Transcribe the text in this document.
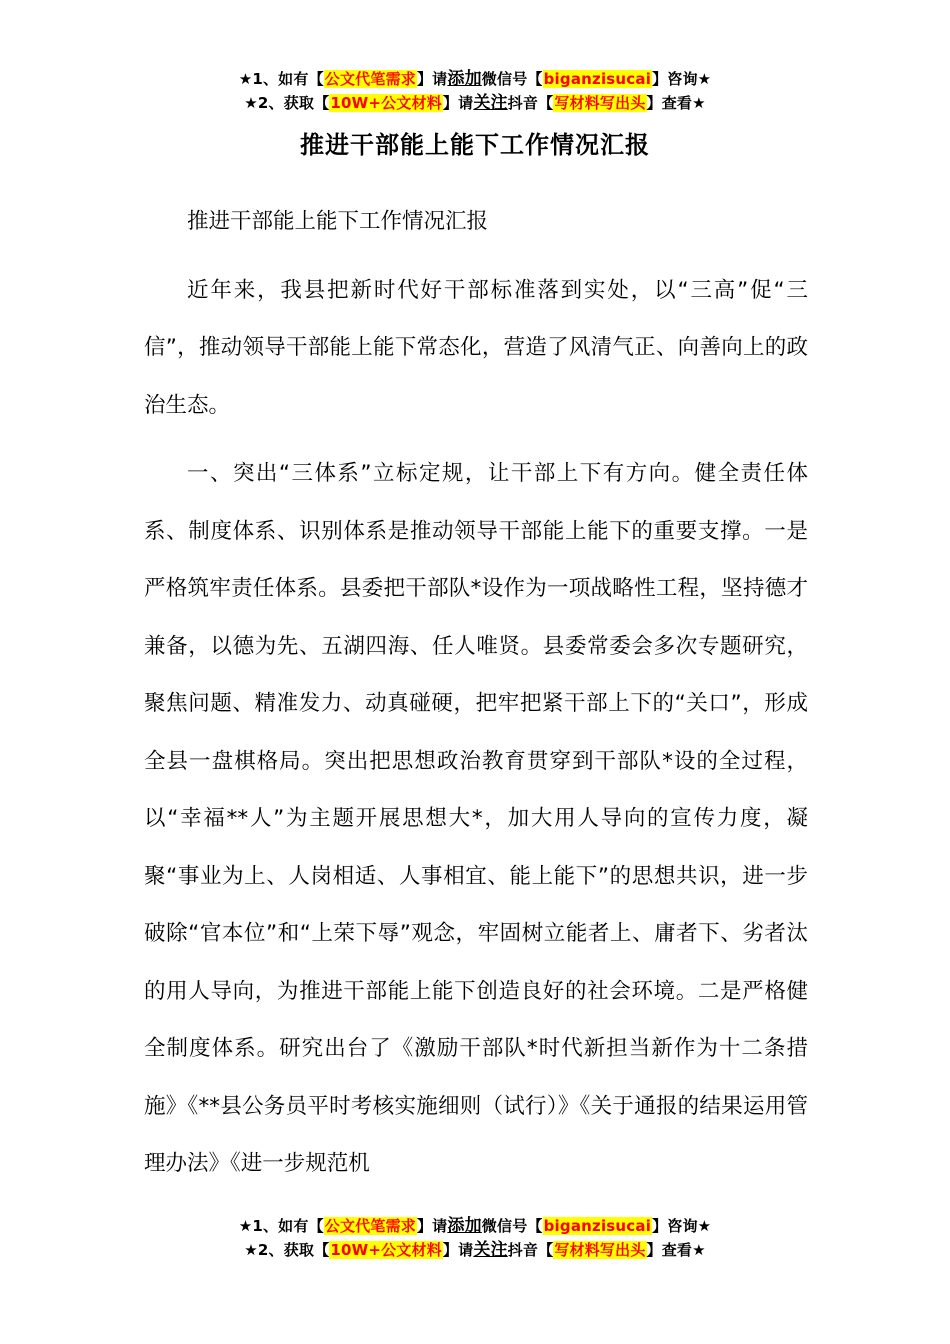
★1、如有【公文代笔需求】请添加微信号【biganzisucai】咨询★
★2、获取【10W+公文材料】请关注抖音【写材料写出头】查看★
推进干部能上能下工作情况汇报

推进干部能上能下工作情况汇报

近年来，我县把新时代好干部标准落到实处，以“三高”促“三信”，推动领导干部能上能下常态化，营造了风清气正、向善向上的政治生态。

一、突出“三体系”立标定规，让干部上下有方向。健全责任体系、制度体系、识别体系是推动领导干部能上能下的重要支撑。一是严格筑牢责任体系。县委把干部队*设作为一项战略性工程，坚持德才兼备，以德为先、五湖四海、任人唯贤。县委常委会多次专题研究，聚焦问题、精准发力、动真碰硬，把牢把紧干部上下的“关口”，形成全县一盘棋格局。突出把思想政治教育贯穿到干部队*设的全过程，以“幸福**人”为主题开展思想大*，加大用人导向的宣传力度，凝聚“事业为上、人岗相适、人事相宜、能上能下”的思想共识，进一步破除“官本位”和“上荣下辱”观念，牢固树立能者上、庸者下、劣者汰的用人导向，为推进干部能上能下创造良好的社会环境。二是严格健全制度体系。研究出台了《激励干部队*时代新担当新作为十二条措施》《**县公务员平时考核实施细则（试行）》《关于通报的结果运用管理办法》《进一步规范机

★1、如有【公文代笔需求】请添加微信号【biganzisucai】咨询★
★2、获取【10W+公文材料】请关注抖音【写材料写出头】查看★
